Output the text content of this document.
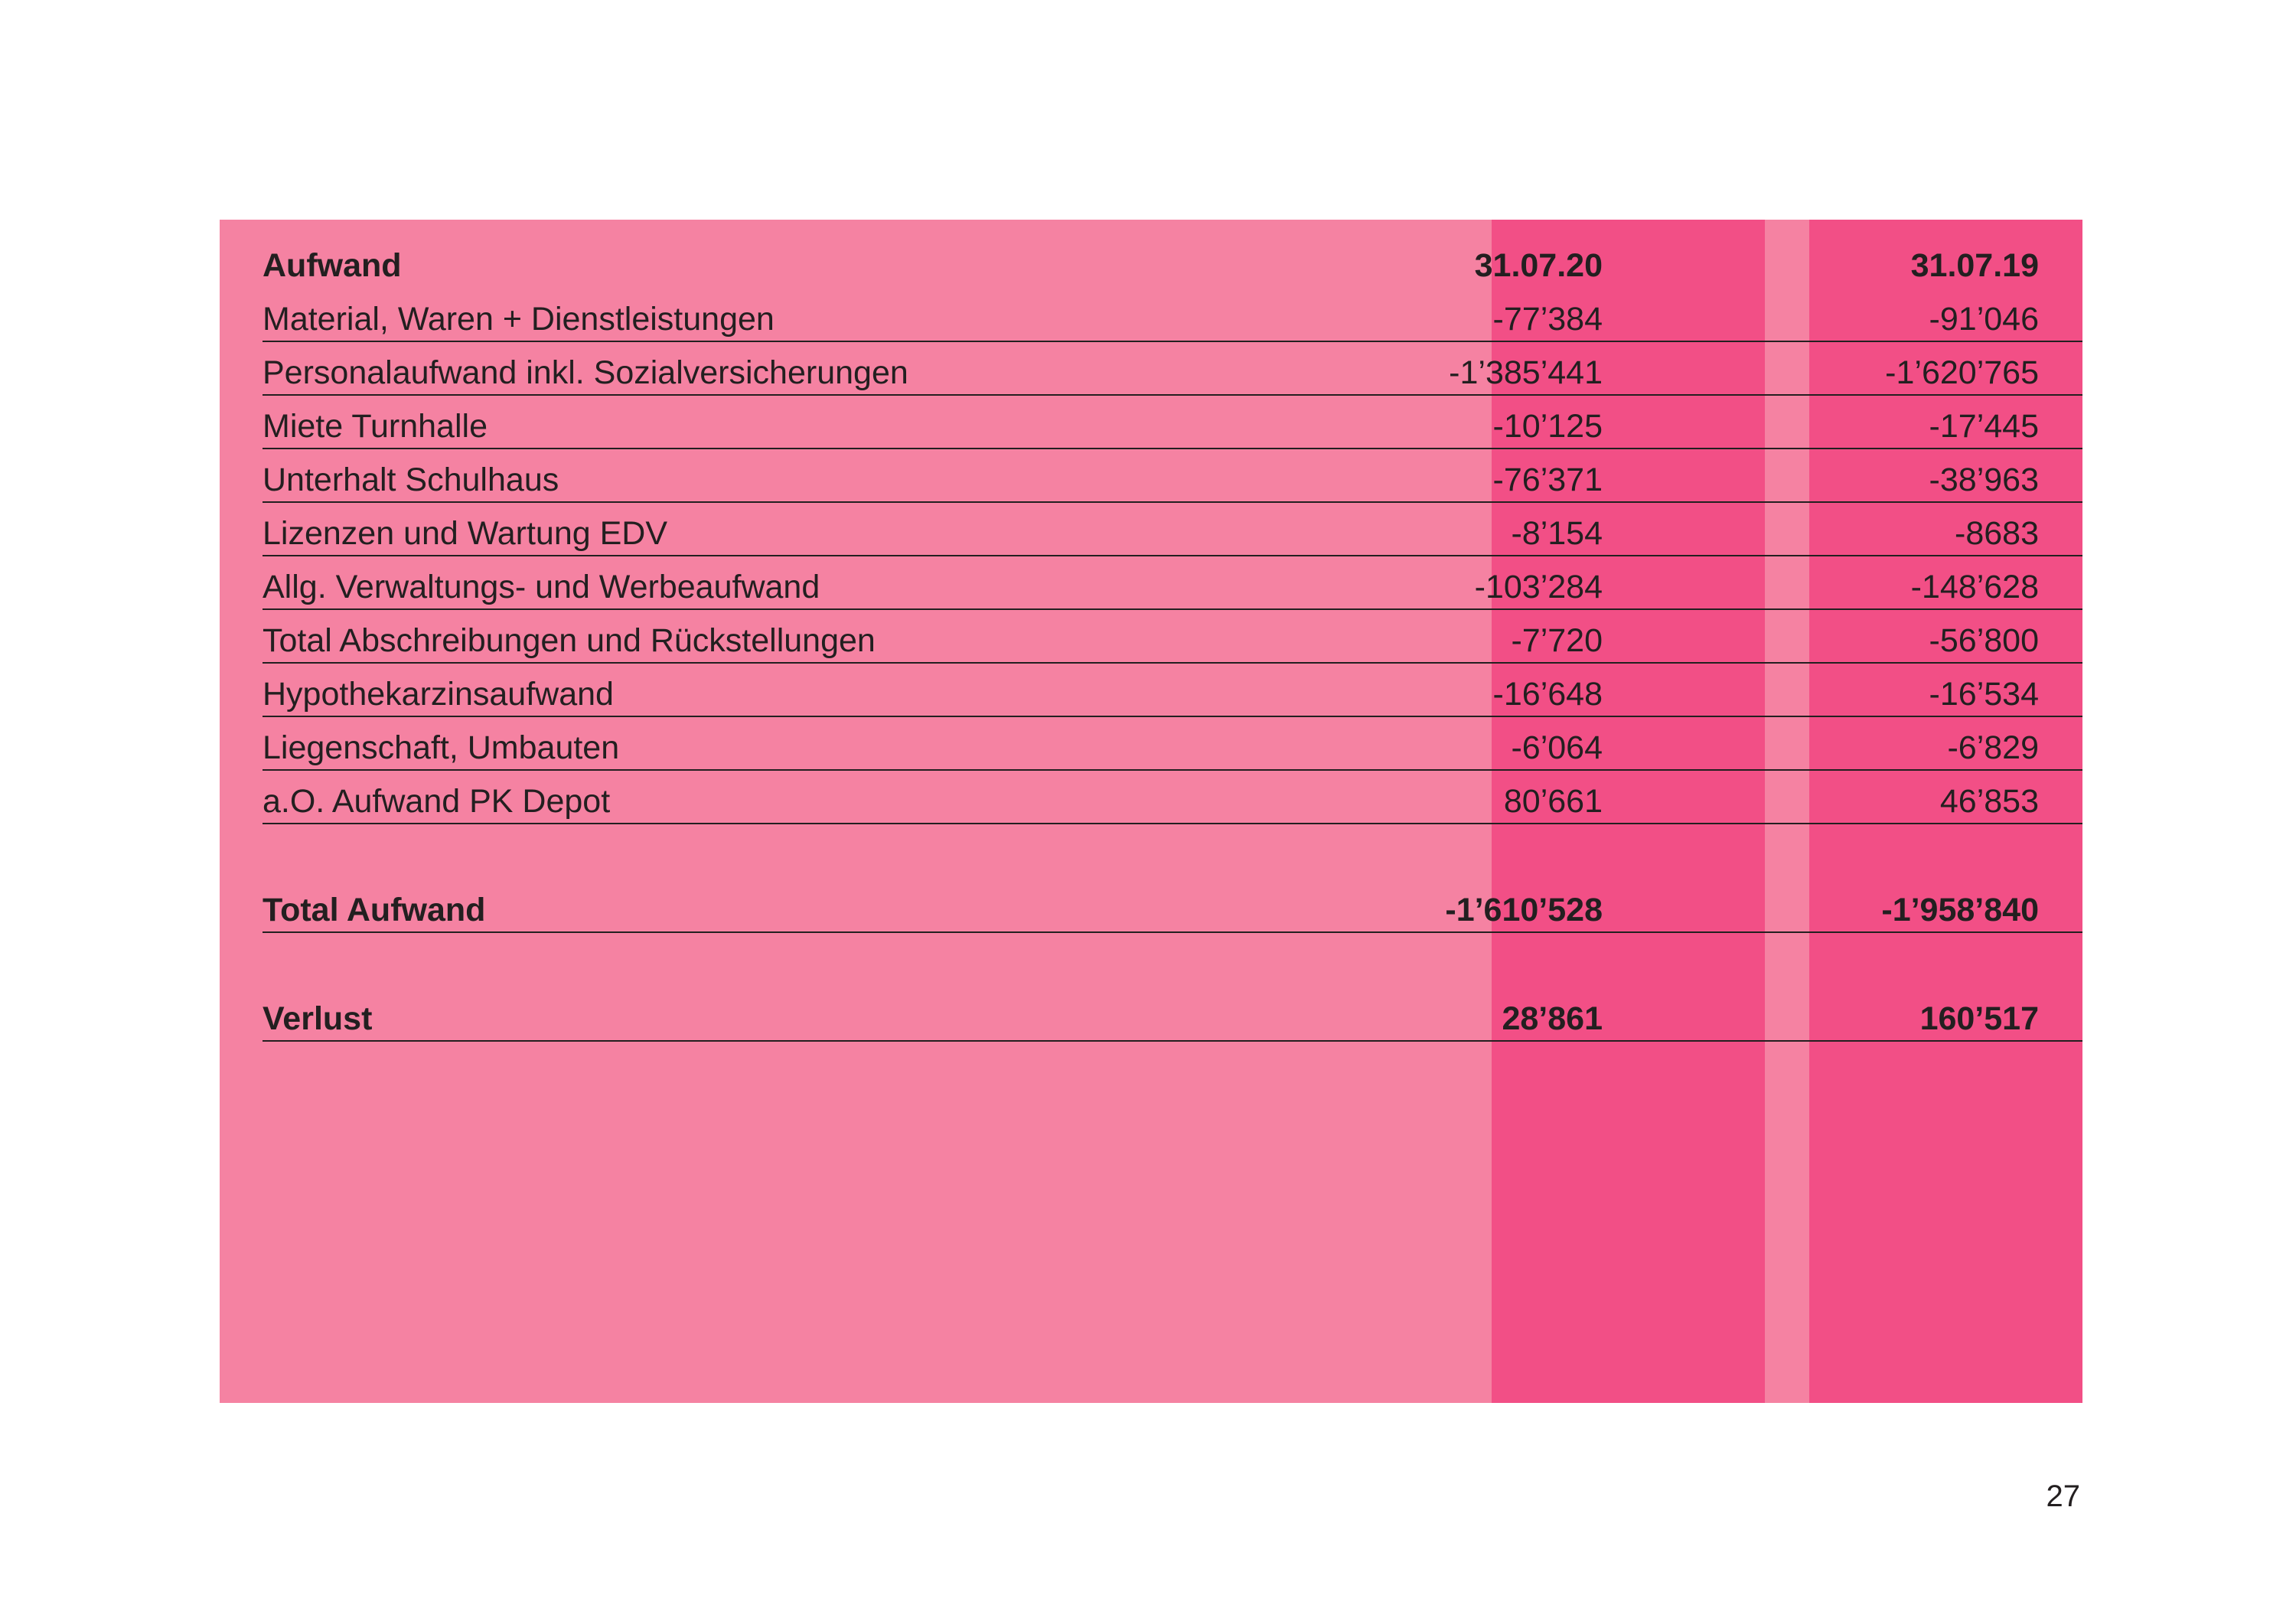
Aufwand	31.07.20	31.07.19
Material, Waren + Dienstleistungen	-77’384	-91’046
Personalaufwand inkl. Sozialversicherungen	-1’385’441	-1’620’765
Miete Turnhalle	-10’125	-17’445
Unterhalt Schulhaus	-76’371	-38’963
Lizenzen und Wartung EDV	-8’154	-8683
Allg. Verwaltungs- und Werbeaufwand	-103’284	-148’628
Total Abschreibungen und Rückstellungen	-7’720	-56’800
Hypothekarzinsaufwand	-16’648	-16’534
Liegenschaft, Umbauten	-6’064	-6’829
a.O. Aufwand PK Depot	80’661	46’853
Total Aufwand	-1’610’528	-1’958’840
Verlust	28’861	160’517
27
